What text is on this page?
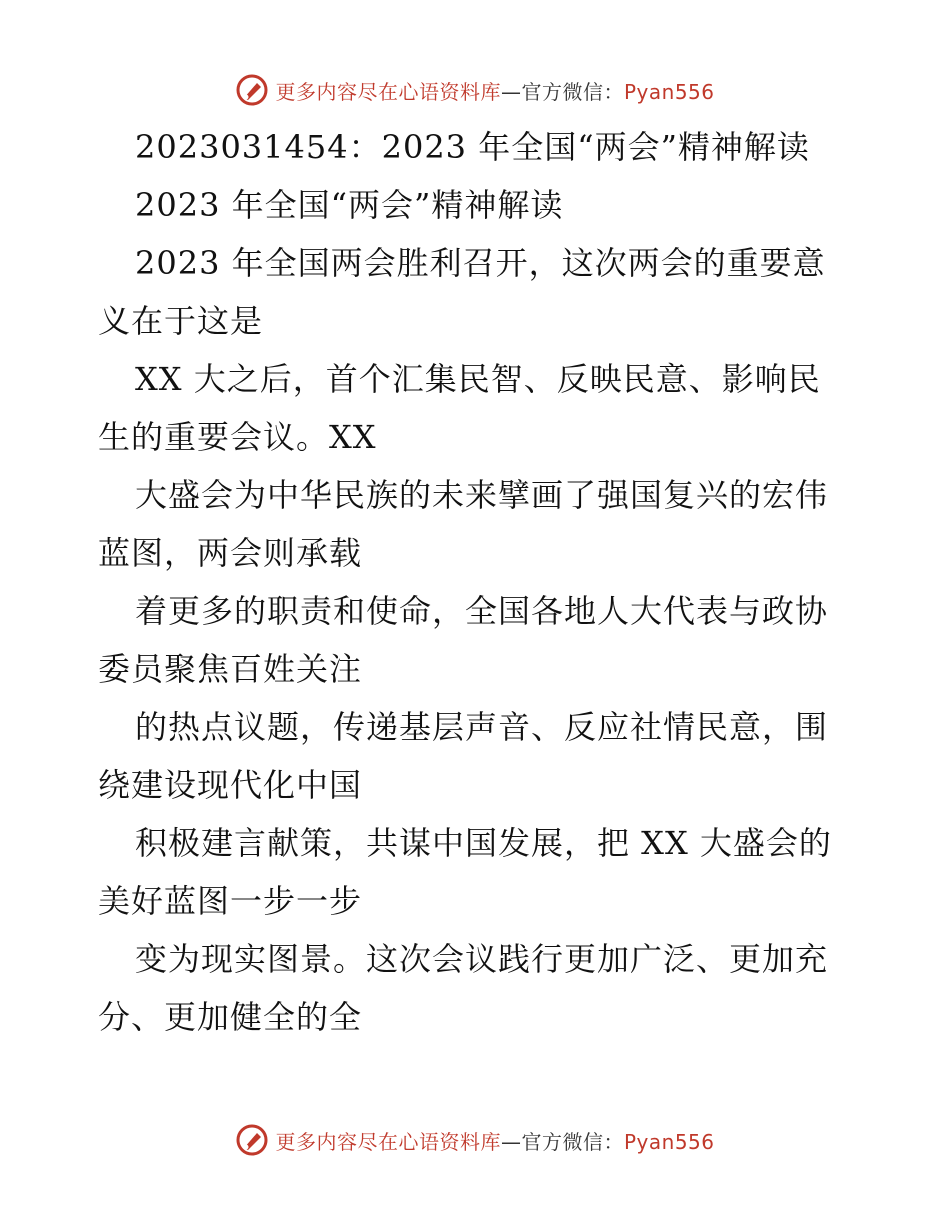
更多内容尽在心语资料库—官方微信：Pyan556
2023031454：2023 年全国“两会”精神解读
2023 年全国“两会”精神解读
2023 年全国两会胜利召开，这次两会的重要意
义在于这是
XX 大之后，首个汇集民智、反映民意、影响民
生的重要会议。XX
大盛会为中华民族的未来擘画了强国复兴的宏伟
蓝图，两会则承载
着更多的职责和使命，全国各地人大代表与政协
委员聚焦百姓关注
的热点议题，传递基层声音、反应社情民意，围
绕建设现代化中国
积极建言献策，共谋中国发展，把 XX 大盛会的
美好蓝图一步一步
变为现实图景。这次会议践行更加广泛、更加充
分、更加健全的全
更多内容尽在心语资料库—官方微信：Pyan556
